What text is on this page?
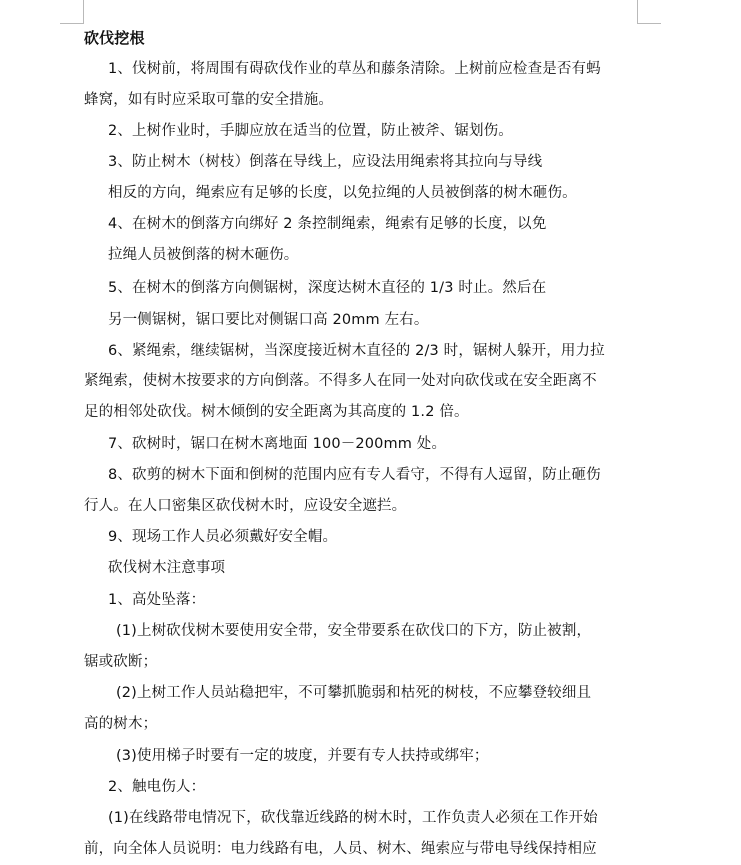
砍伐挖根
1、伐树前，将周围有碍砍伐作业的草丛和藤条清除。上树前应检查是否有蚂
蜂窝，如有时应采取可靠的安全措施。
2、上树作业时，手脚应放在适当的位置，防止被斧、锯划伤。
3、防止树木（树枝）倒落在导线上，应设法用绳索将其拉向与导线
相反的方向，绳索应有足够的长度，以免拉绳的人员被倒落的树木砸伤。
4、在树木的倒落方向绑好 2 条控制绳索，绳索有足够的长度，以免
拉绳人员被倒落的树木砸伤。
5、在树木的倒落方向侧锯树，深度达树木直径的 1/3 时止。然后在
另一侧锯树，锯口要比对侧锯口高 20mm 左右。
6、紧绳索，继续锯树，当深度接近树木直径的 2/3 时，锯树人躲开，用力拉
紧绳索，使树木按要求的方向倒落。不得多人在同一处对向砍伐或在安全距离不
足的相邻处砍伐。树木倾倒的安全距离为其高度的 1.2 倍。
7、砍树时，锯口在树木离地面 100－200mm 处。
8、砍剪的树木下面和倒树的范围内应有专人看守，不得有人逗留，防止砸伤
行人。在人口密集区砍伐树木时，应设安全遮拦。
9、现场工作人员必须戴好安全帽。
砍伐树木注意事项
1、高处坠落：
(1)上树砍伐树木要使用安全带，安全带要系在砍伐口的下方，防止被割，
锯或砍断；
(2)上树工作人员站稳把牢，不可攀抓脆弱和枯死的树枝，不应攀登较细且
高的树木；
(3)使用梯子时要有一定的坡度，并要有专人扶持或绑牢；
2、触电伤人：
(1)在线路带电情况下，砍伐靠近线路的树木时，工作负责人必须在工作开始
前，向全体人员说明：电力线路有电，人员、树木、绳索应与带电导线保持相应
